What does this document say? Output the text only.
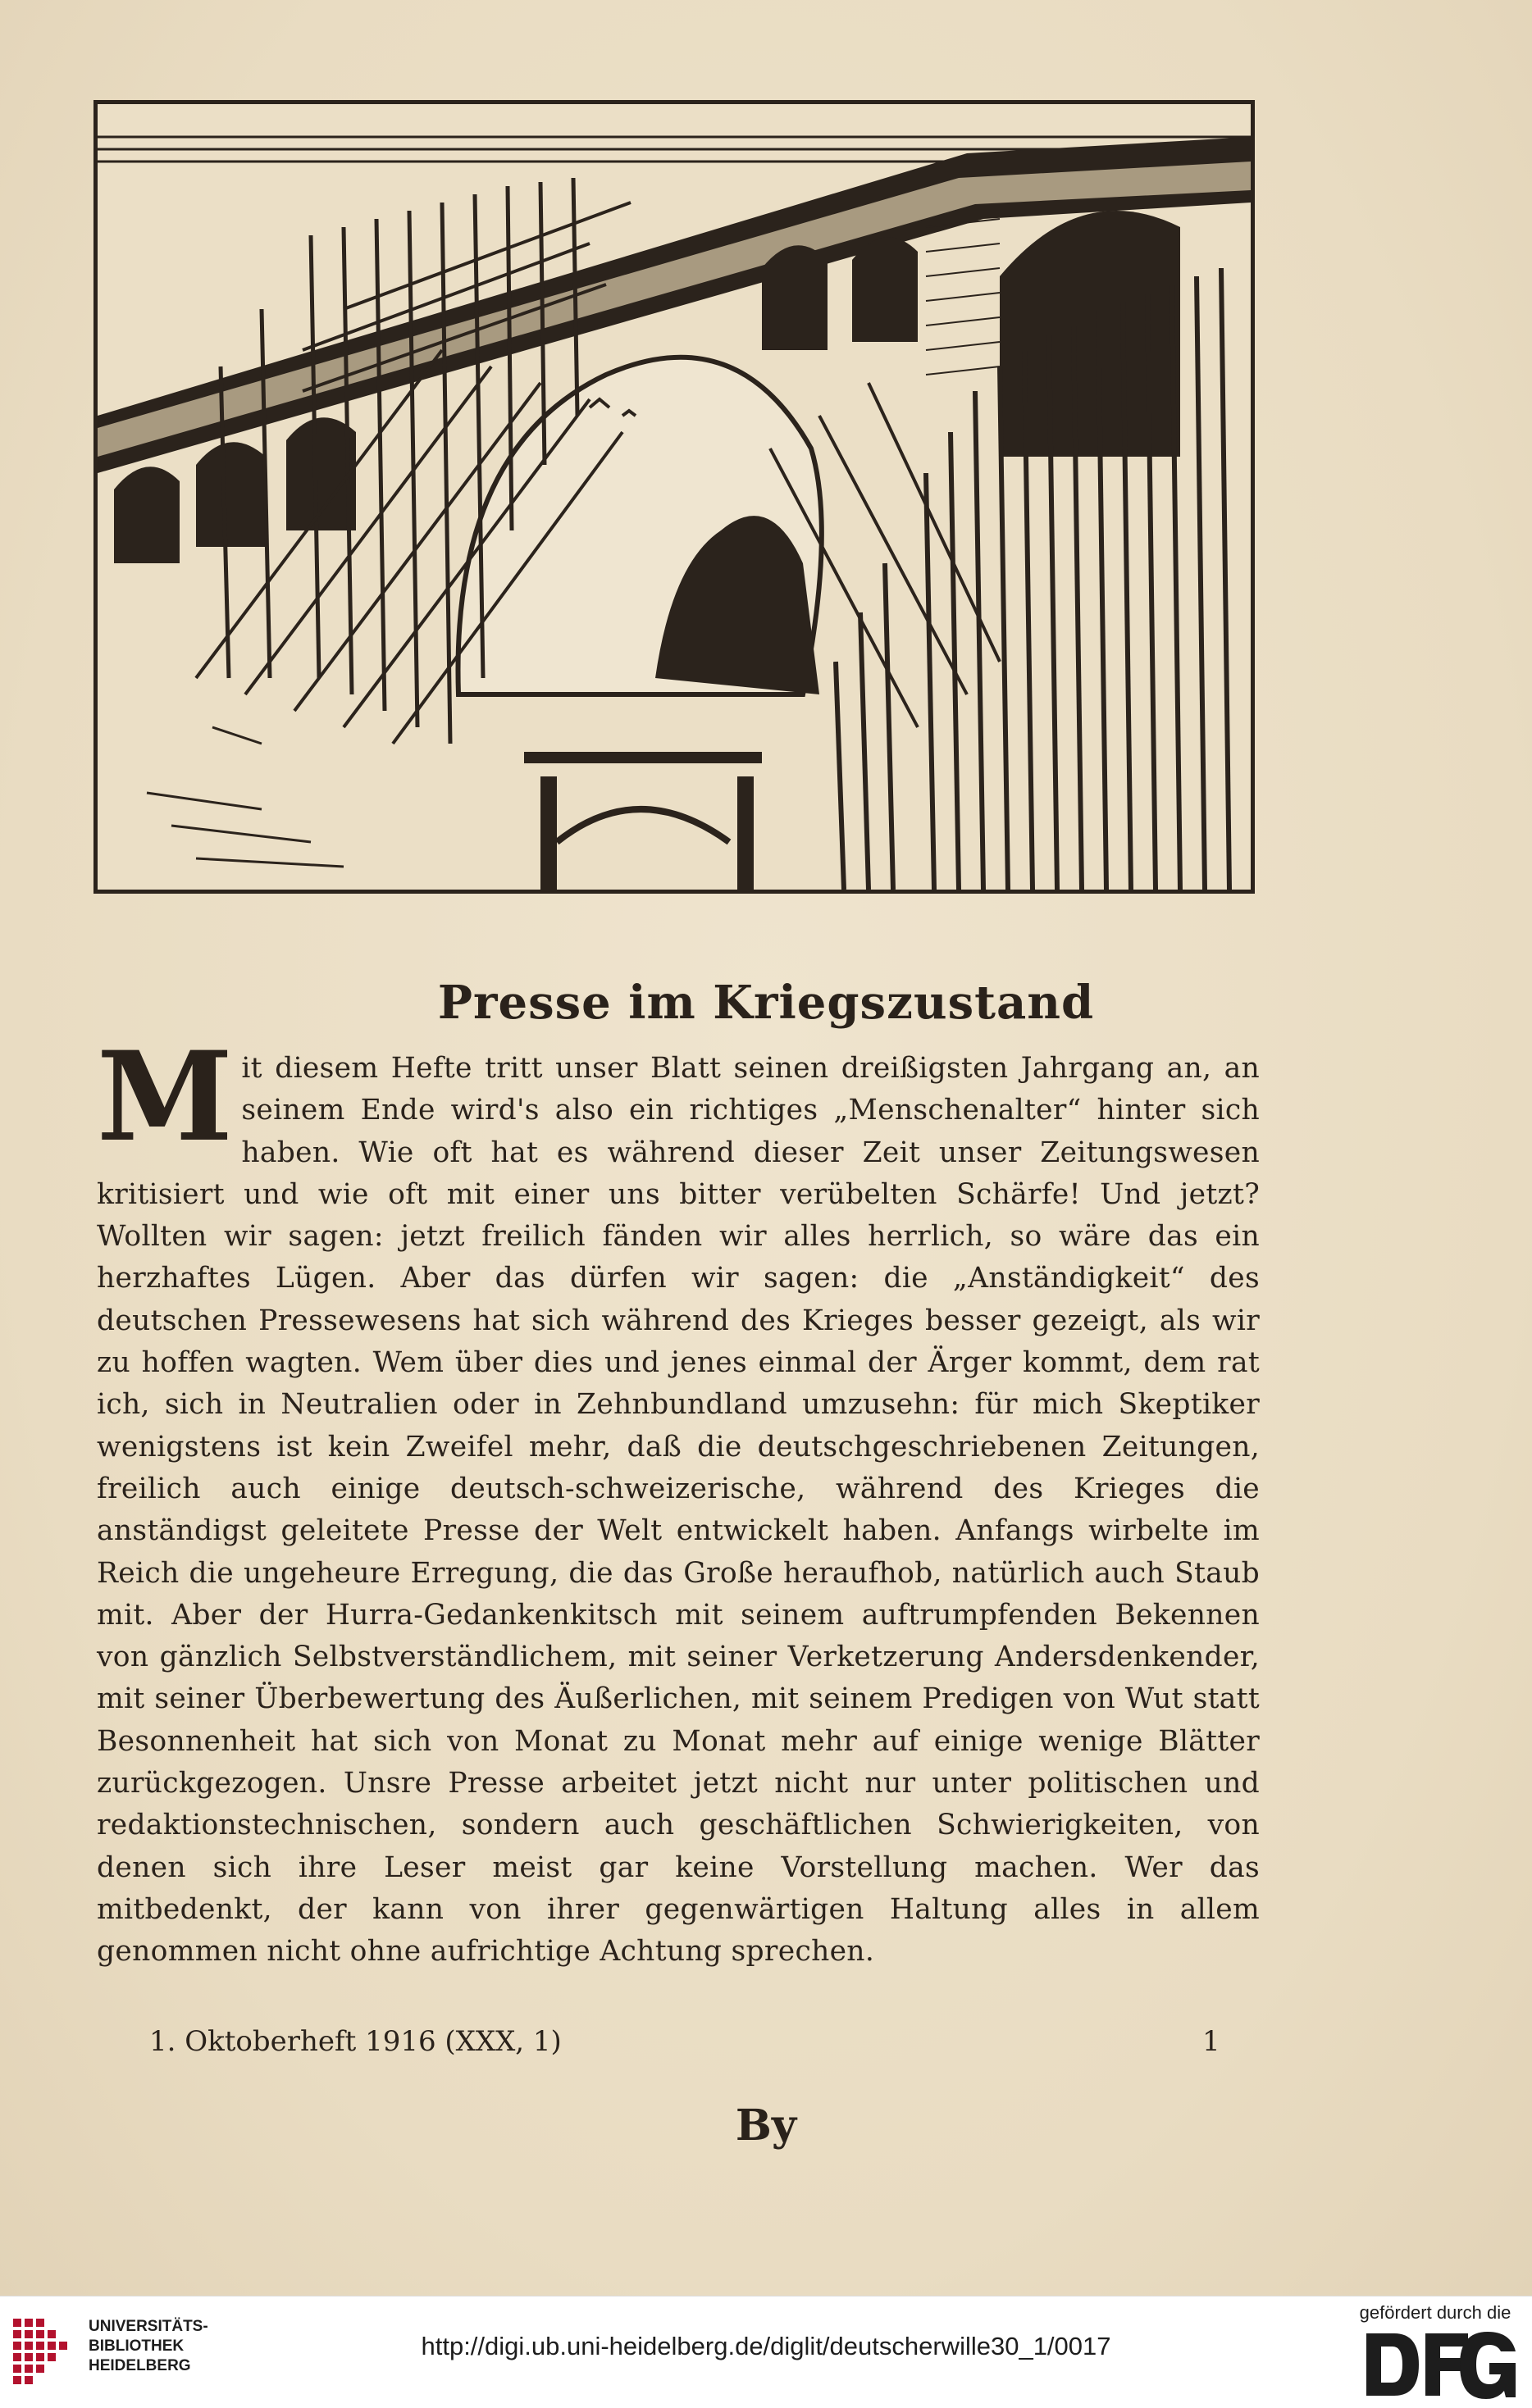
Presse im Kriegszustand
M it diesem Hefte tritt unser Blatt seinen dreißigsten Jahrgang an, an seinem Ende wird's also ein richtiges „Menschenalter“ hinter sich haben. Wie oft hat es während dieser Zeit unser Zeitungswesen kritisiert und wie oft mit einer uns bitter verübelten Schärfe! Und jetzt? Wollten wir sagen: jetzt freilich fänden wir alles herrlich, so wäre das ein herzhaftes Lügen. Aber das dürfen wir sagen: die „Anständigkeit“ des deutschen Pressewesens hat sich während des Krieges besser gezeigt, als wir zu hoffen wagten. Wem über dies und jenes einmal der Ärger kommt, dem rat ich, sich in Neutralien oder in Zehnbundland umzusehn: für mich Skeptiker wenigstens ist kein Zweifel mehr, daß die deutschgeschriebenen Zeitungen, freilich auch einige deutsch-schweizerische, während des Krieges die anständigst geleitete Presse der Welt entwickelt haben. Anfangs wirbelte im Reich die ungeheure Erregung, die das Große heraufhob, natürlich auch Staub mit. Aber der Hurra-Gedankenkitsch mit seinem auftrumpfenden Bekennen von gänzlich Selbstverständlichem, mit seiner Verketzerung Andersdenkender, mit seiner Überbewertung des Äußerlichen, mit seinem Predigen von Wut statt Besonnenheit hat sich von Monat zu Monat mehr auf einige wenige Blätter zurückgezogen. Unsre Presse arbeitet jetzt nicht nur unter politischen und redaktionstechnischen, sondern auch geschäftlichen Schwierigkeiten, von denen sich ihre Leser meist gar keine Vorstellung machen. Wer das mitbedenkt, der kann von ihrer gegenwärtigen Haltung alles in allem genommen nicht ohne aufrichtige Achtung sprechen.
1. Oktoberheft 1916 (XXX, 1)	1
By
UNIVERSITÄTS-
BIBLIOTHEK
HEIDELBERG
http://digi.ub.uni-heidelberg.de/diglit/deutscherwille30_1/0017
gefördert durch die
